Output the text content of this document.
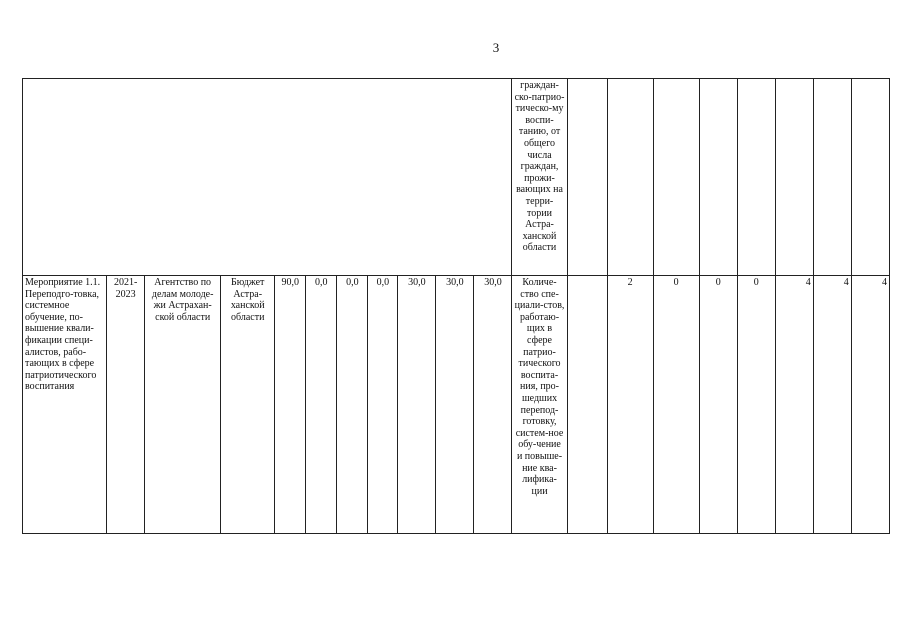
3

											граждан-ско-патрио-тическо-му воспи-танию, от общего числа граждан, прожи-вающих на терри-тории Астра-ханской области								

Мероприятие 1.1. Переподго-товка, системное обучение, по-вышение квали-фикации специ-алистов, рабо-тающих в сфере патриотического воспитания	2021-2023	Агентство по делам молоде-жи Астрахан-ской области	Бюджет Астра-ханской области	90,0	0,0	0,0	0,0	30,0	30,0	30,0	Количе-ство спе-циали-стов, работаю-щих в сфере патрио-тического воспита-ния, про-шедших перепод-готовку, систем-ное обу-чение и повыше-ние ква-лифика-ции		2	0	0	0	4	4	4
